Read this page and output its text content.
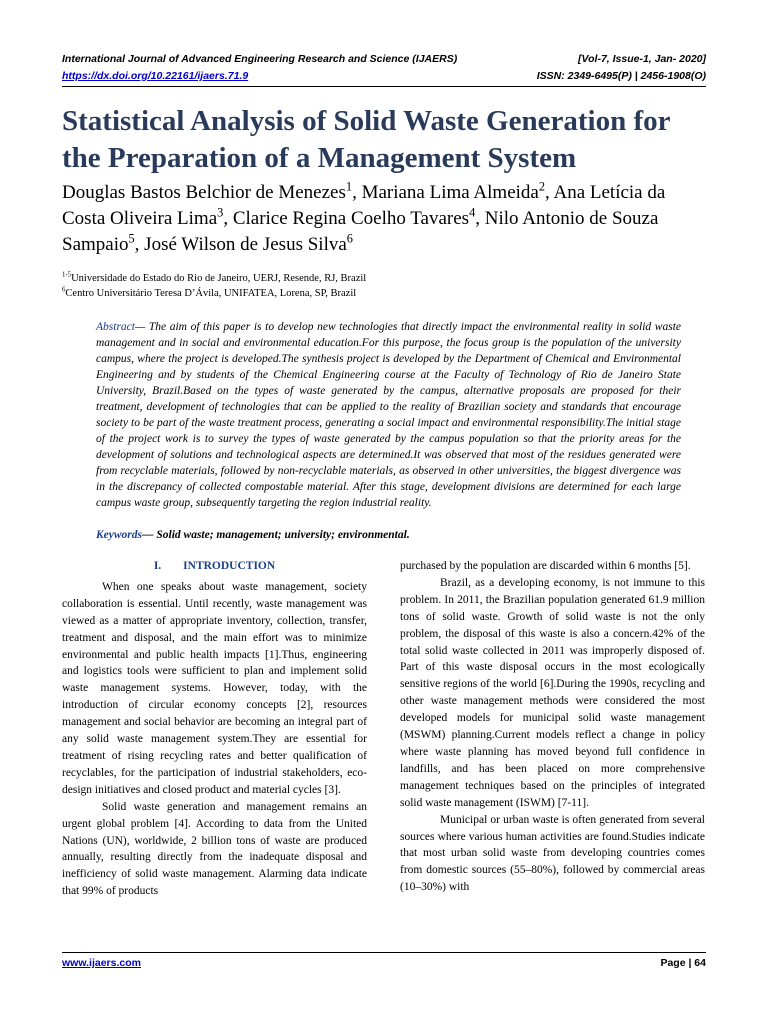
International Journal of Advanced Engineering Research and Science (IJAERS)	[Vol-7, Issue-1, Jan- 2020]
https://dx.doi.org/10.22161/ijaers.71.9	ISSN: 2349-6495(P) | 2456-1908(O)
Statistical Analysis of Solid Waste Generation for the Preparation of a Management System

Douglas Bastos Belchior de Menezes$^1$, Mariana Lima Almeida$^2$, Ana Letícia da Costa Oliveira Lima$^3$, Clarice Regina Coelho Tavares$^4$, Nilo Antonio de Souza Sampaio$^5$, José Wilson de Jesus Silva$^6$

$^{1-5}$Universidade do Estado do Rio de Janeiro, UERJ, Resende, RJ, Brazil
$^6$Centro Universitário Teresa D’Ávila, UNIFATEA, Lorena, SP, Brazil

Abstract— The aim of this paper is to develop new technologies that directly impact the environmental reality in solid waste management and in social and environmental education.For this purpose, the focus group is the population of the university campus, where the project is developed.The synthesis project is developed by the Department of Chemical and Environmental Engineering and by students of the Chemical Engineering course at the Faculty of Technology of Rio de Janeiro State University, Brazil.Based on the types of waste generated by the campus, alternative proposals are proposed for their treatment, development of technologies that can be applied to the reality of Brazilian society and standards that encourage society to be part of the waste treatment process, generating a social impact and environmental responsibility.The initial stage of the project work is to survey the types of waste generated by the campus population so that the priority areas for the development of solutions and technological aspects are determined.It was observed that most of the residues generated were from recyclable materials, followed by non-recyclable materials, as observed in other universities, the biggest divergence was in the discrepancy of collected compostable material. After this stage, development divisions are determined for each large campus waste group, subsequently targeting the region industrial reality.

Keywords— Solid waste; management; university; environmental.

I. INTRODUCTION

When one speaks about waste management, society collaboration is essential. Until recently, waste management was viewed as a matter of appropriate inventory, collection, transfer, treatment and disposal, and the main effort was to minimize environmental and public health impacts [1].Thus, engineering and logistics tools were sufficient to plan and implement solid waste management systems. However, today, with the introduction of circular economy concepts [2], resources management and social behavior are becoming an integral part of any solid waste management system.They are essential for treatment of rising recycling rates and better qualification of recyclables, for the participation of industrial stakeholders, eco-design initiatives and closed product and material cycles [3].

Solid waste generation and management remains an urgent global problem [4]. According to data from the United Nations (UN), worldwide, 2 billion tons of waste are produced annually, resulting directly from the inadequate disposal and inefficiency of solid waste management. Alarming data indicate that 99% of products

purchased by the population are discarded within 6 months [5].

Brazil, as a developing economy, is not immune to this problem. In 2011, the Brazilian population generated 61.9 million tons of solid waste. Growth of solid waste is not the only problem, the disposal of this waste is also a concern.42% of the total solid waste collected in 2011 was improperly disposed of. Part of this waste disposal occurs in the most ecologically sensitive regions of the world [6].During the 1990s, recycling and other waste management methods were considered the most developed models for municipal solid waste management (MSWM) planning.Current models reflect a change in policy where waste planning has moved beyond full confidence in landfills, and has been placed on more comprehensive management techniques based on the principles of integrated solid waste management (ISWM) [7-11].

Municipal or urban waste is often generated from several sources where various human activities are found.Studies indicate that most urban solid waste from developing countries comes from domestic sources (55–80%), followed by commercial areas (10–30%) with

www.ijaers.com	Page | 64
